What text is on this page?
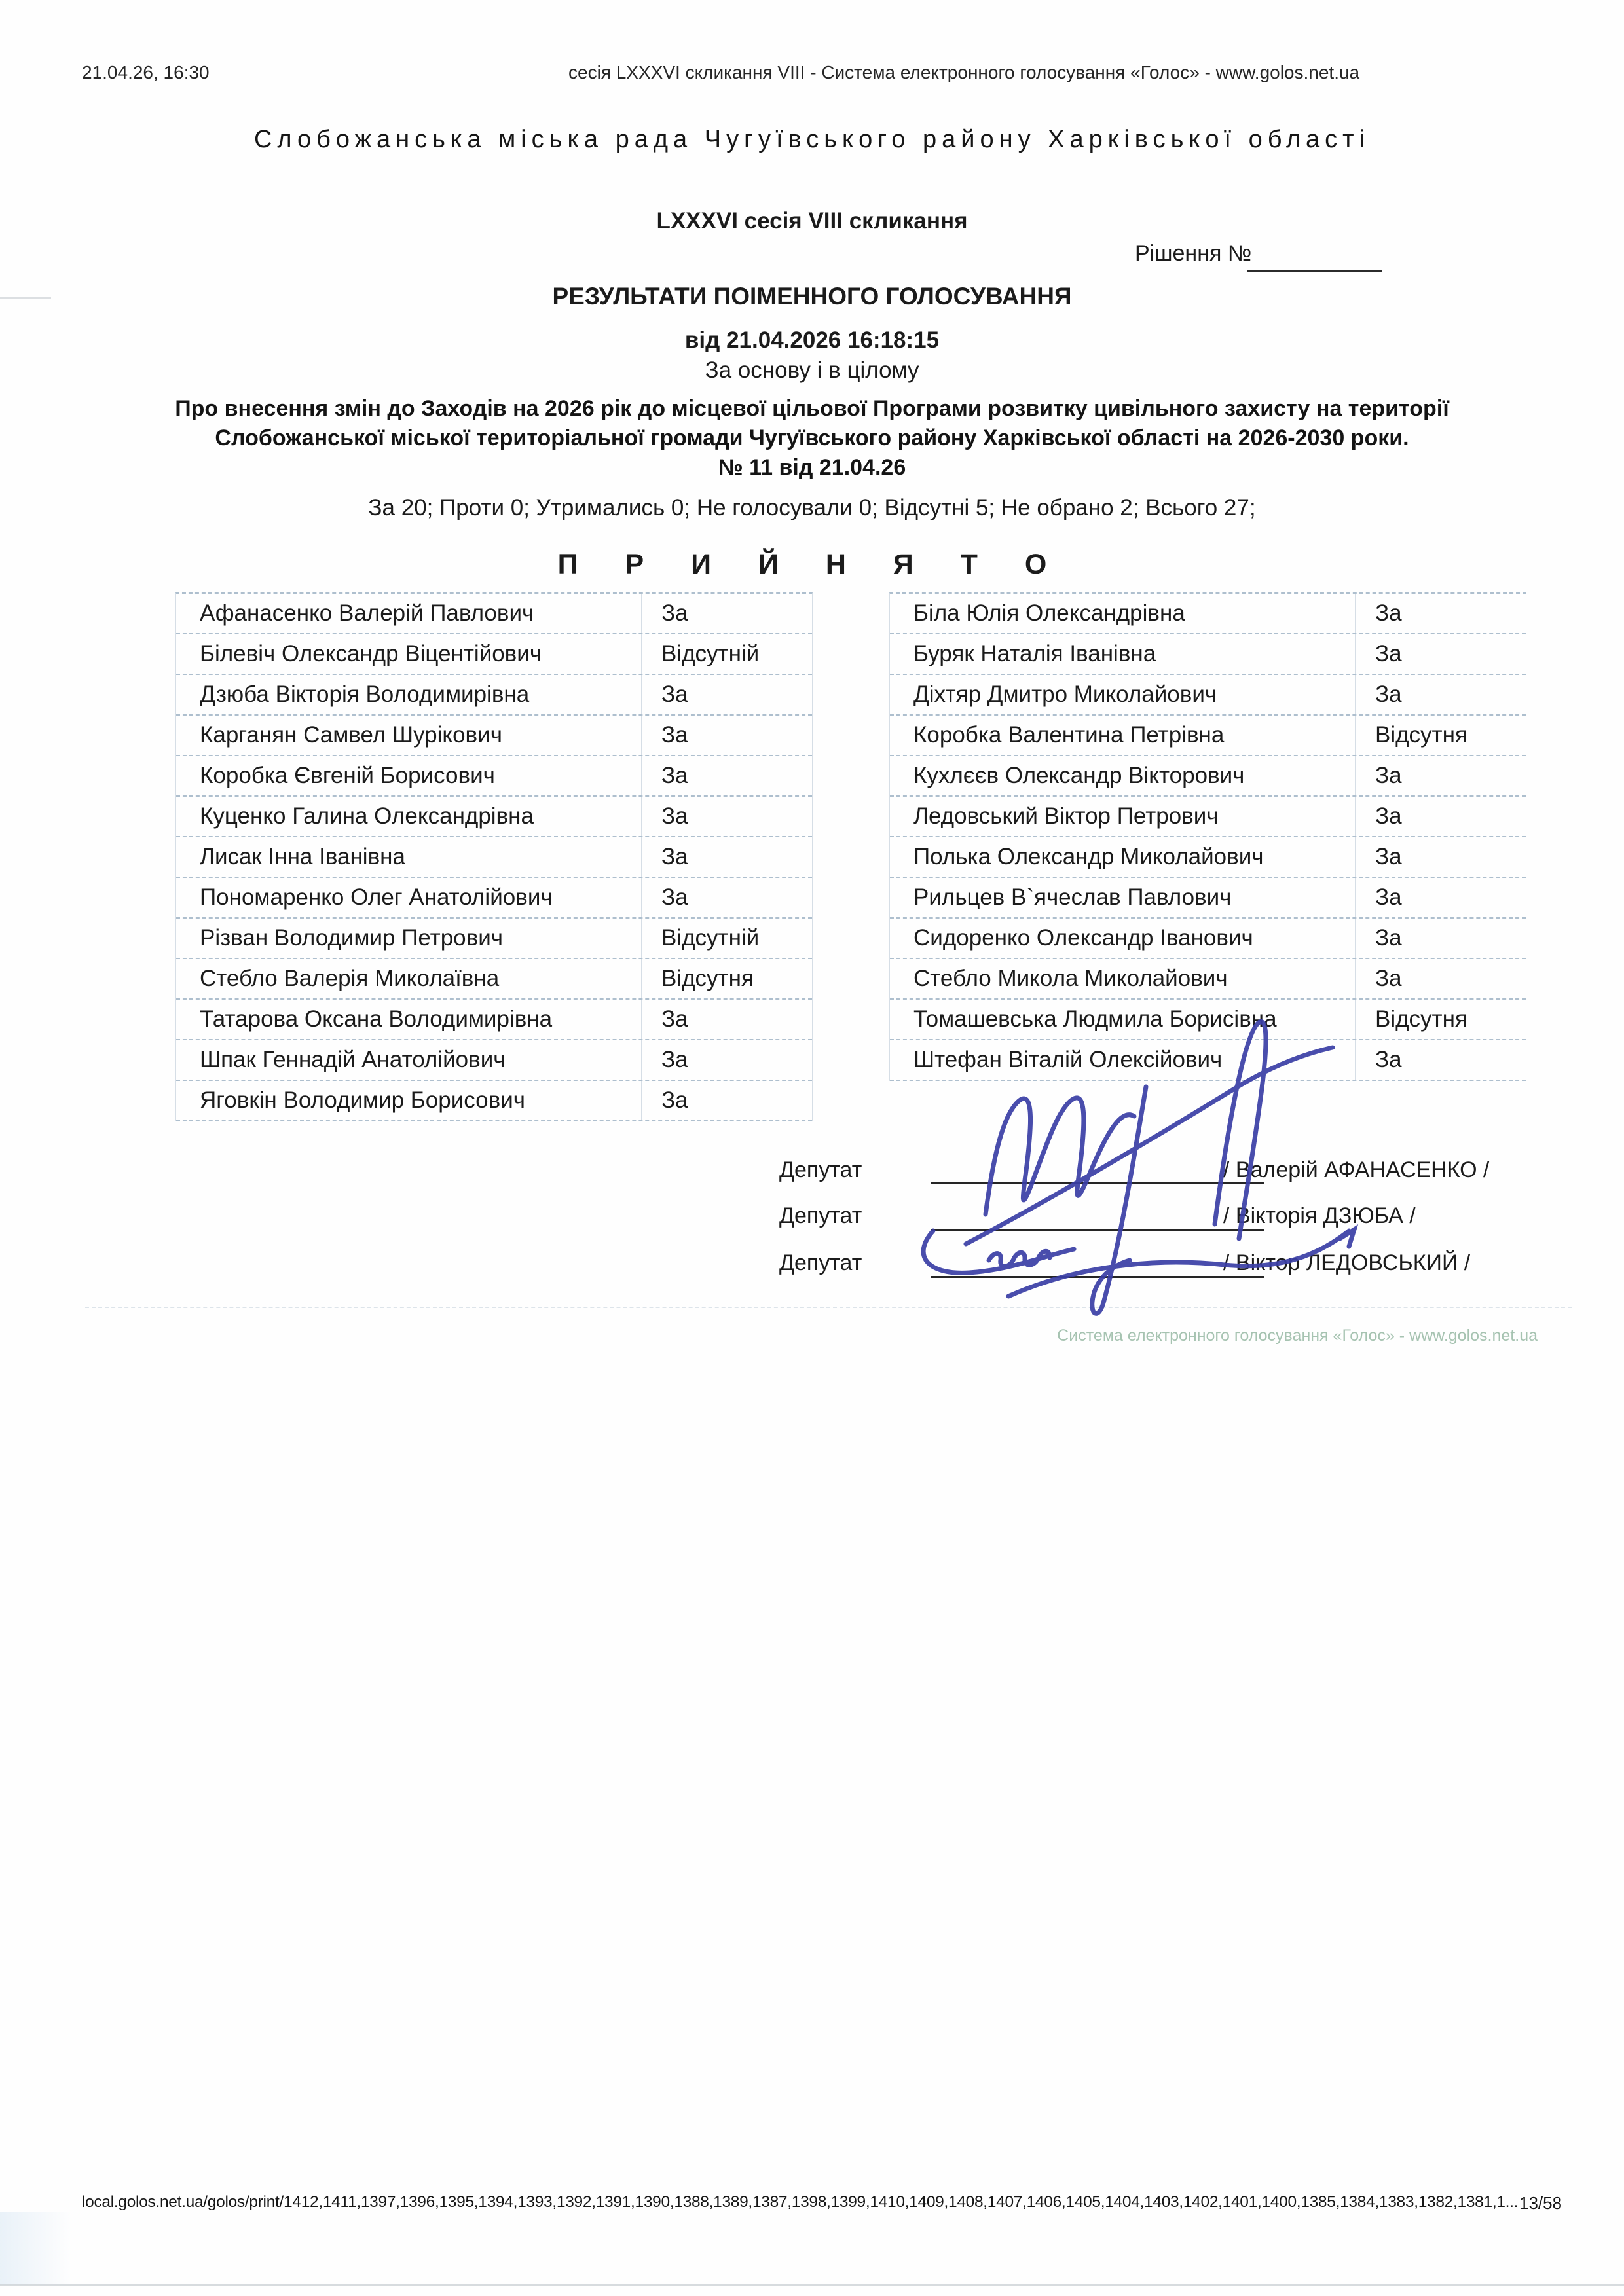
21.04.26, 16:30	сесія LXXXVI скликання VIII - Система електронного голосування «Голос» - www.golos.net.ua
Слобожанська міська рада Чугуївського району Харківської області
LXXXVI сесія VIII скликання
Рішення №
РЕЗУЛЬТАТИ ПОІМЕННОГО ГОЛОСУВАННЯ
від 21.04.2026 16:18:15
За основу і в цілому
Про внесення змін до Заходів на 2026 рік до місцевої цільової Програми розвитку цивільного захисту на території Слобожанської міської територіальної громади Чугуївського району Харківської області на 2026-2030 роки.
№ 11 від 21.04.26
За 20; Проти 0; Утримались 0; Не голосували 0; Відсутні 5; Не обрано 2; Всього 27;
П Р И Й Н Я Т О
Афанасенко Валерій Павлович	За
Білевіч Олександр Віцентійович	Відсутній
Дзюба Вікторія Володимирівна	За
Карганян Самвел Шурікович	За
Коробка Євгеній Борисович	За
Куценко Галина Олександрівна	За
Лисак Інна Іванівна	За
Пономаренко Олег Анатолійович	За
Різван Володимир Петрович	Відсутній
Стебло Валерія Миколаївна	Відсутня
Татарова Оксана Володимирівна	За
Шпак Геннадій Анатолійович	За
Яговкін Володимир Борисович	За
Біла Юлія Олександрівна	За
Буряк Наталія Іванівна	За
Діхтяр Дмитро Миколайович	За
Коробка Валентина Петрівна	Відсутня
Кухлєєв Олександр Вікторович	За
Ледовський Віктор Петрович	За
Полька Олександр Миколайович	За
Рильцев В`ячеслав Павлович	За
Сидоренко Олександр Іванович	За
Стебло Микола Миколайович	За
Томашевська Людмила Борисівна	Відсутня
Штефан Віталій Олексійович	За
Депутат	/ Валерій АФАНАСЕНКО /
Депутат	/ Вікторія ДЗЮБА /
Депутат	/ Віктор ЛЕДОВСЬКИЙ /
Система електронного голосування «Голос» - www.golos.net.ua
local.golos.net.ua/golos/print/1412,1411,1397,1396,1395,1394,1393,1392,1391,1390,1388,1389,1387,1398,1399,1410,1409,1408,1407,1406,1405,1404,1403,1402,1401,1400,1385,1384,1383,1382,1381,1... 13/58
